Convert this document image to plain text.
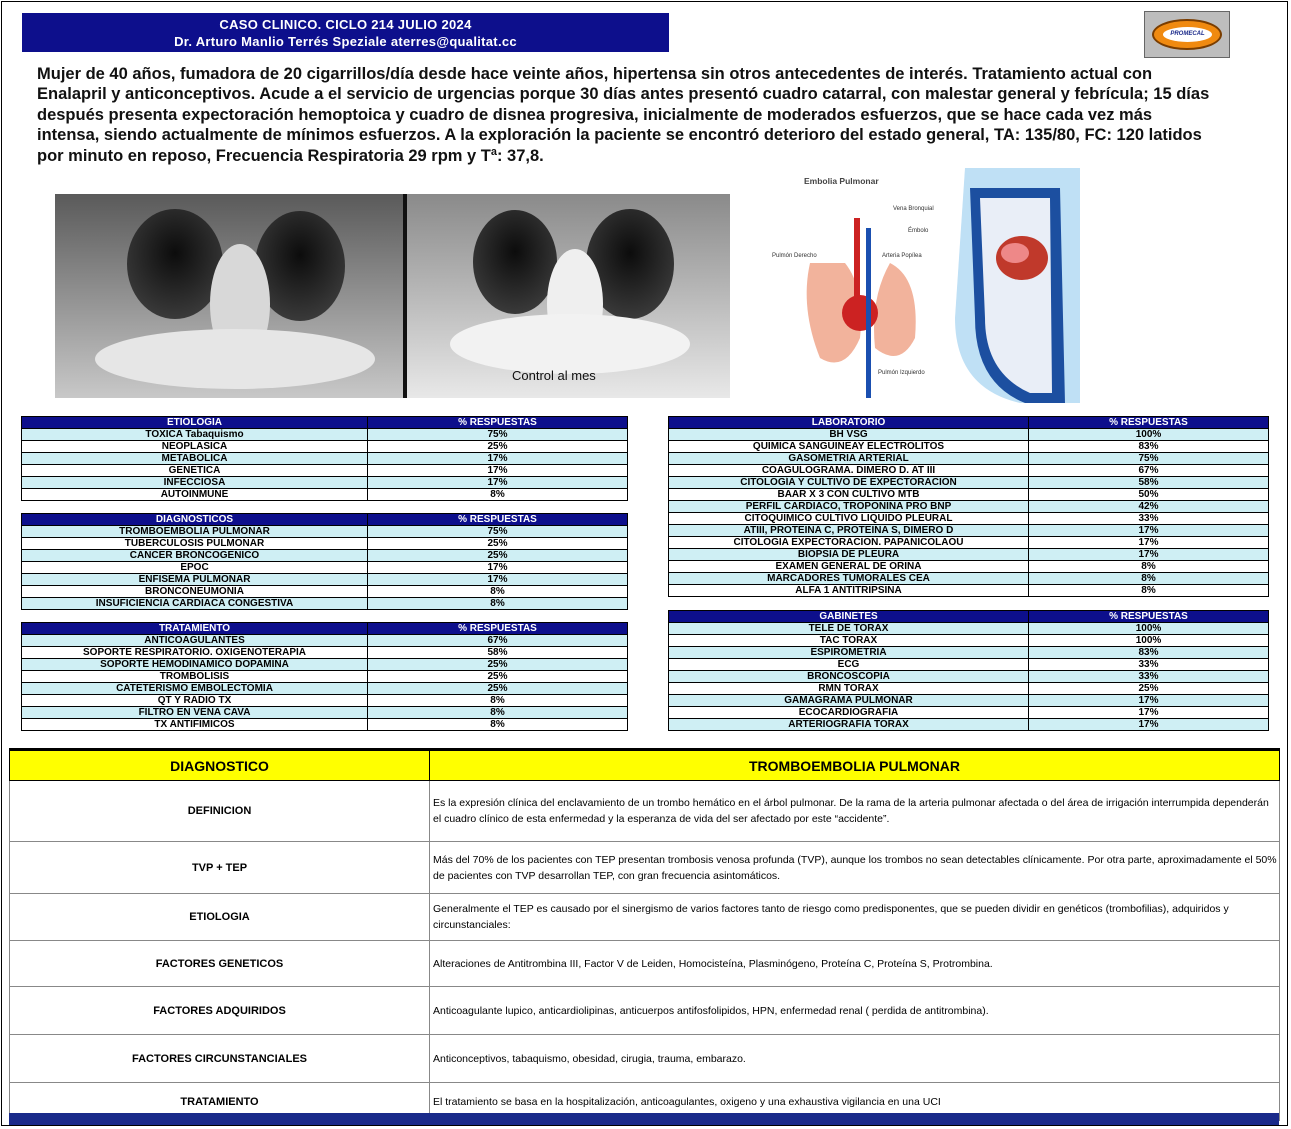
CASO CLINICO. CICLO 214 JULIO 2024
Dr. Arturo Manlio Terrés Speziale aterres@qualitat.cc	PROMECAL
Mujer de 40 años, fumadora de 20 cigarrillos/día desde hace veinte años, hipertensa sin otros antecedentes de interés. Tratamiento actual con Enalapril y anticonceptivos. Acude a el servicio de urgencias porque 30 días antes presentó cuadro catarral, con malestar general y febrícula; 15 días después presenta expectoración hemoptoica y cuadro de disnea progresiva, inicialmente de moderados esfuerzos, que se hace cada vez más intensa, siendo actualmente de mínimos esfuerzos. A la exploración la paciente se encontró deterioro del estado general, TA: 135/80, FC: 120 latidos por minuto en reposo, Frecuencia Respiratoria 29 rpm y Tª: 37,8.
Control al mes
Embolia Pulmonar
Vena Bronquial
Émbolo
Pulmón Derecho	Arteria Popílea
Pulmón Izquierdo
ETIOLOGIA	% RESPUESTAS
TOXICA Tabaquismo	75%
NEOPLASICA	25%
METABOLICA	17%
GENETICA	17%
INFECCIOSA	17%
AUTOINMUNE	8%
DIAGNOSTICOS	% RESPUESTAS
TROMBOEMBOLIA PULMONAR	75%
TUBERCULOSIS PULMONAR	25%
CANCER BRONCOGENICO	25%
EPOC	17%
ENFISEMA PULMONAR	17%
BRONCONEUMONIA	8%
INSUFICIENCIA CARDIACA CONGESTIVA	8%
TRATAMIENTO	% RESPUESTAS
ANTICOAGULANTES	67%
SOPORTE RESPIRATORIO. OXIGENOTERAPIA	58%
SOPORTE HEMODINAMICO DOPAMINA	25%
TROMBOLISIS	25%
CATETERISMO EMBOLECTOMIA	25%
QT Y RADIO TX	8%
FILTRO EN VENA CAVA	8%
TX ANTIFIMICOS	8%
LABORATORIO	% RESPUESTAS
BH VSG	100%
QUIMICA SANGUINEAY ELECTROLITOS	83%
GASOMETRIA ARTERIAL	75%
COAGULOGRAMA. DIMERO D. AT III	67%
CITOLOGÍA Y CULTIVO DE EXPECTORACION	58%
BAAR X 3 CON CULTIVO MTB	50%
PERFIL CARDIACO, TROPONINA PRO BNP	42%
CITOQUIMICO CULTIVO LIQUIDO PLEURAL	33%
ATIII, PROTEINA C, PROTEINA S, DIMERO D	17%
CITOLOGIA EXPECTORACION. PAPANICOLAOU	17%
BIOPSIA DE PLEURA	17%
EXAMEN GENERAL DE ORINA	8%
MARCADORES TUMORALES CEA	8%
ALFA 1 ANTITRIPSINA	8%
GABINETES	% RESPUESTAS
TELE DE TORAX	100%
TAC TORAX	100%
ESPIROMETRIA	83%
ECG	33%
BRONCOSCOPIA	33%
RMN TORAX	25%
GAMAGRAMA PULMONAR	17%
ECOCARDIOGRAFIA	17%
ARTERIOGRAFIA TORAX	17%
DIAGNOSTICO	TROMBOEMBOLIA PULMONAR
DEFINICION	Es la expresión clínica del enclavamiento de un trombo hemático en el árbol pulmonar. De la rama de la arteria pulmonar afectada o del área de irrigación interrumpida dependerán el cuadro clínico de esta enfermedad y la esperanza de vida del ser afectado por este “accidente”.
TVP + TEP	Más del 70% de los pacientes con TEP presentan trombosis venosa profunda (TVP), aunque los trombos no sean detectables clínicamente. Por otra parte, aproximadamente el 50% de pacientes con TVP desarrollan TEP, con gran frecuencia asintomáticos.
ETIOLOGIA	Generalmente el TEP es causado por el sinergismo de varios factores tanto de riesgo como predisponentes, que se pueden dividir en genéticos (trombofilias), adquiridos y circunstanciales:
FACTORES GENETICOS	Alteraciones de Antitrombina III, Factor V de Leiden, Homocisteína, Plasminógeno, Proteína C, Proteína S, Protrombina.
FACTORES ADQUIRIDOS	Anticoagulante lupico, anticardiolipinas, anticuerpos antifosfolipidos, HPN, enfermedad renal ( perdida de antitrombina).
FACTORES CIRCUNSTANCIALES	Anticonceptivos, tabaquismo, obesidad, cirugia, trauma, embarazo.
TRATAMIENTO	El tratamiento se basa en la hospitalización, anticoagulantes, oxigeno y una exhaustiva vigilancia en una UCI
